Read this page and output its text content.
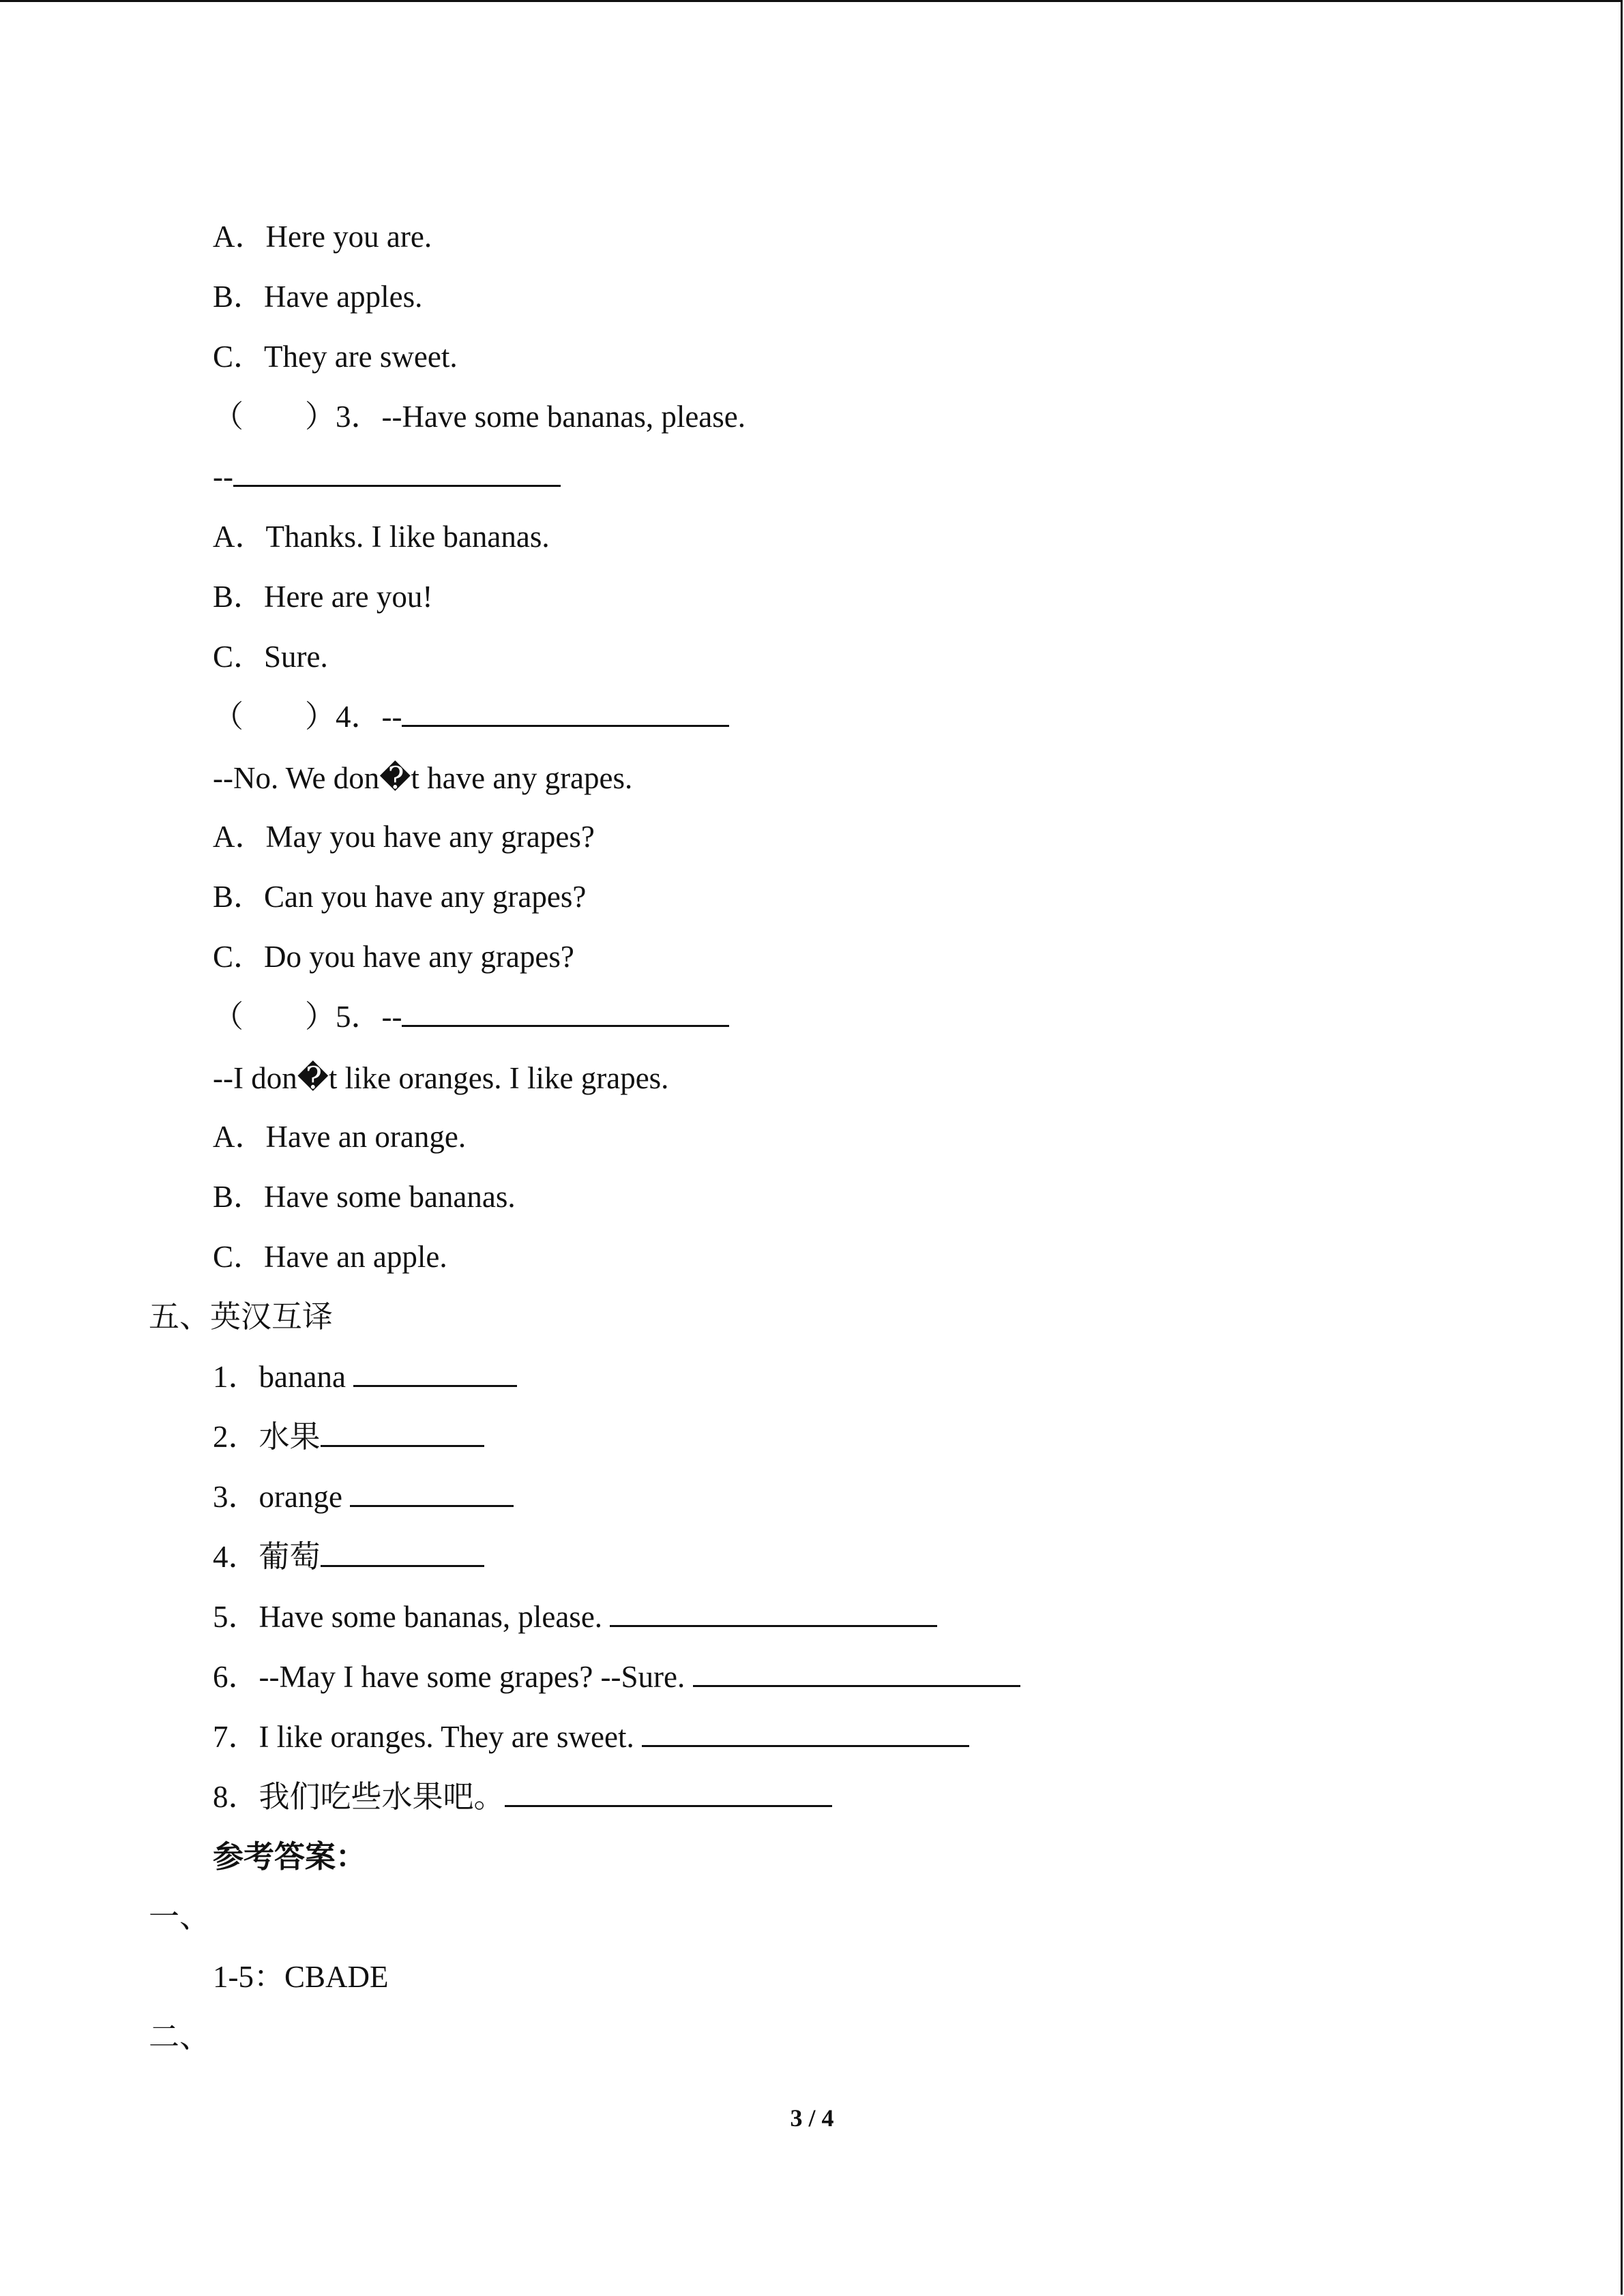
A．Here you are.
B．Have apples.
C．They are sweet.
（　　）3．--Have some bananas, please.
--
A．Thanks. I like bananas.
B．Here are you!
C．Sure.
（　　）4．--
--No. We don�t have any grapes.
A．May you have any grapes?
B．Can you have any grapes?
C．Do you have any grapes?
（　　）5．--
--I don�t like oranges. I like grapes.
A．Have an orange.
B．Have some bananas.
C．Have an apple.
五、英汉互译
1．banana
2．水果
3．orange
4．葡萄
5．Have some bananas, please.
6．--May I have some grapes? --Sure.
7．I like oranges. They are sweet.
8．我们吃些水果吧。
参考答案：
一、
1-5：CBADE
二、
3 / 4
